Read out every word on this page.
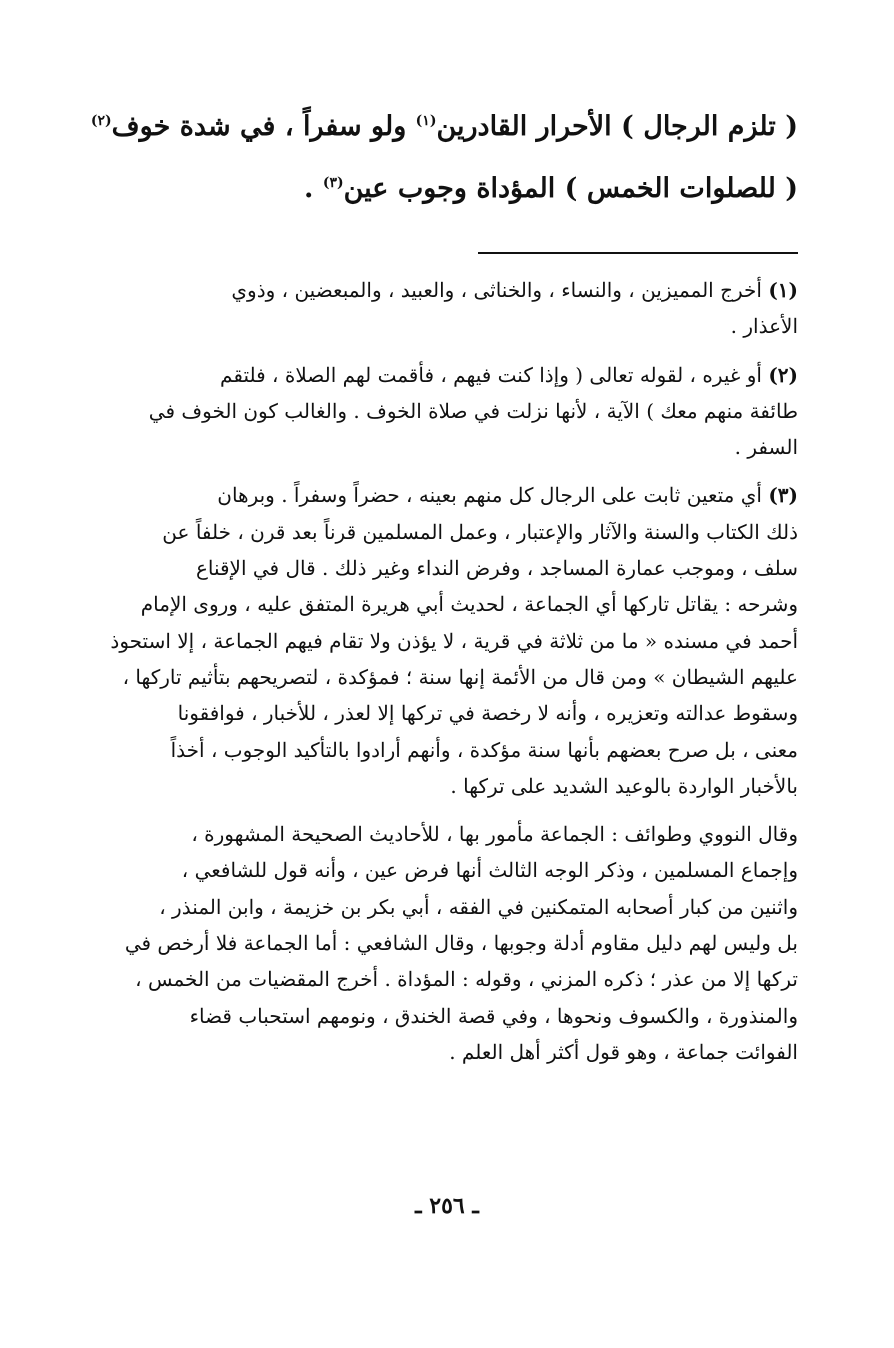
( تلزم الرجال ) الأحرار القادرين$^{(١)}$ ولو سفراً ، في شدة خوف$^{(٢)}$
( للصلوات الخمس ) المؤداة وجوب عين$^{(٣)}$ .
(١) أخرج المميزين ، والنساء ، والخناثى ، والعبيد ، والمبعضين ، وذوي
الأعذار .
(٢) أو غيره ، لقوله تعالى ( وإذا كنت فيهم ، فأقمت لهم الصلاة ، فلتقم
طائفة منهم معك ) الآية ، لأنها نزلت في صلاة الخوف . والغالب كون الخوف في
السفر .
(٣) أي متعين ثابت على الرجال كل منهم بعينه ، حضراً وسفراً . وبرهان
ذلك الكتاب والسنة والآثار والإعتبار ، وعمل المسلمين قرناً بعد قرن ، خلفاً عن
سلف ، وموجب عمارة المساجد ، وفرض النداء وغير ذلك . قال في الإقناع
وشرحه : يقاتل تاركها أي الجماعة ، لحديث أبي هريرة المتفق عليه ، وروى الإمام
أحمد في مسنده « ما من ثلاثة في قرية ، لا يؤذن ولا تقام فيهم الجماعة ، إلا استحوذ
عليهم الشيطان » ومن قال من الأئمة إنها سنة ؛ فمؤكدة ، لتصريحهم بتأثيم تاركها ،
وسقوط عدالته وتعزيره ، وأنه لا رخصة في تركها إلا لعذر ، للأخبار ، فوافقونا
معنى ، بل صرح بعضهم بأنها سنة مؤكدة ، وأنهم أرادوا بالتأكيد الوجوب ، أخذاً
بالأخبار الواردة بالوعيد الشديد على تركها .
وقال النووي وطوائف : الجماعة مأمور بها ، للأحاديث الصحيحة المشهورة ،
وإجماع المسلمين ، وذكر الوجه الثالث أنها فرض عين ، وأنه قول للشافعي ،
واثنين من كبار أصحابه المتمكنين في الفقه ، أبي بكر بن خزيمة ، وابن المنذر ،
بل وليس لهم دليل مقاوم أدلة وجوبها ، وقال الشافعي : أما الجماعة فلا أرخص في
تركها إلا من عذر ؛ ذكره المزني ، وقوله : المؤداة . أخرج المقضيات من الخمس ،
والمنذورة ، والكسوف ونحوها ، وفي قصة الخندق ، ونومهم استحباب قضاء
الفوائت جماعة ، وهو قول أكثر أهل العلم .
ـ ٢٥٦ ـ
